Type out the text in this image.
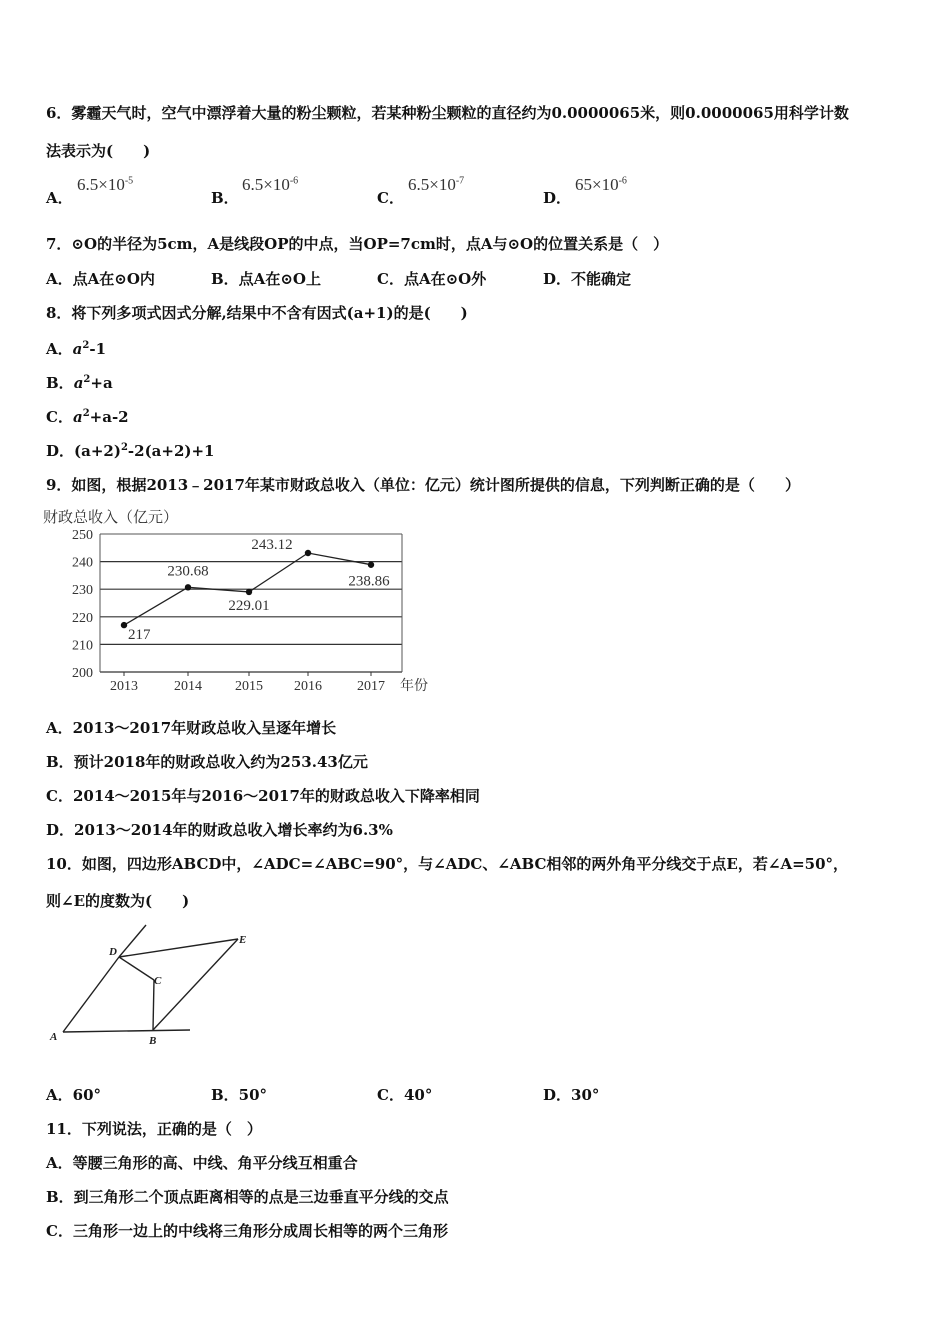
6．雾霾天气时，空气中漂浮着大量的粉尘颗粒，若某种粉尘颗粒的直径约为0.0000065米，则0.0000065用科学计数
法表示为(　　)
A．
$6.5\times 10^{-5}$
B．
$6.5\times 10^{-6}$
C．
$6.5\times 10^{-7}$
D．
$65\times 10^{-6}$
7．⊙O的半径为5cm，A是线段OP的中点，当OP=7cm时，点A与⊙O的位置关系是（　）
A．点A在⊙O内	B．点A在⊙O上	C．点A在⊙O外	D．不能确定
8．将下列多项式因式分解,结果中不含有因式(a+1)的是(　　)
A．$a^2-1$
B．$a^2+a$
C．$a^2+a-2$
D．$(a+2)^2-2(a+2)+1$
9．如图，根据2013﹣2017年某市财政总收入（单位：亿元）统计图所提供的信息，下列判断正确的是（　　）
财政总收入（亿元）
200
210
220
230
240
250
2013	2014 2015 2016	2017
217
230.68
229.01
243.12
238.86
年份
A．2013～2017年财政总收入呈逐年增长
B．预计2018年的财政总收入约为253.43亿元
C．2014～2015年与2016～2017年的财政总收入下降率相同
D．2013～2014年的财政总收入增长率约为6.3%
10．如图，四边形ABCD中，∠ADC=∠ABC=90°，与∠ADC、∠ABC相邻的两外角平分线交于点E，若∠A=50°，
则∠E的度数为(　　)
A	B
C
D
E
A．60°	B．50°	C．40°	D．30°
11．下列说法，正确的是（　）
A．等腰三角形的高、中线、角平分线互相重合
B．到三角形二个顶点距离相等的点是三边垂直平分线的交点
C．三角形一边上的中线将三角形分成周长相等的两个三角形
